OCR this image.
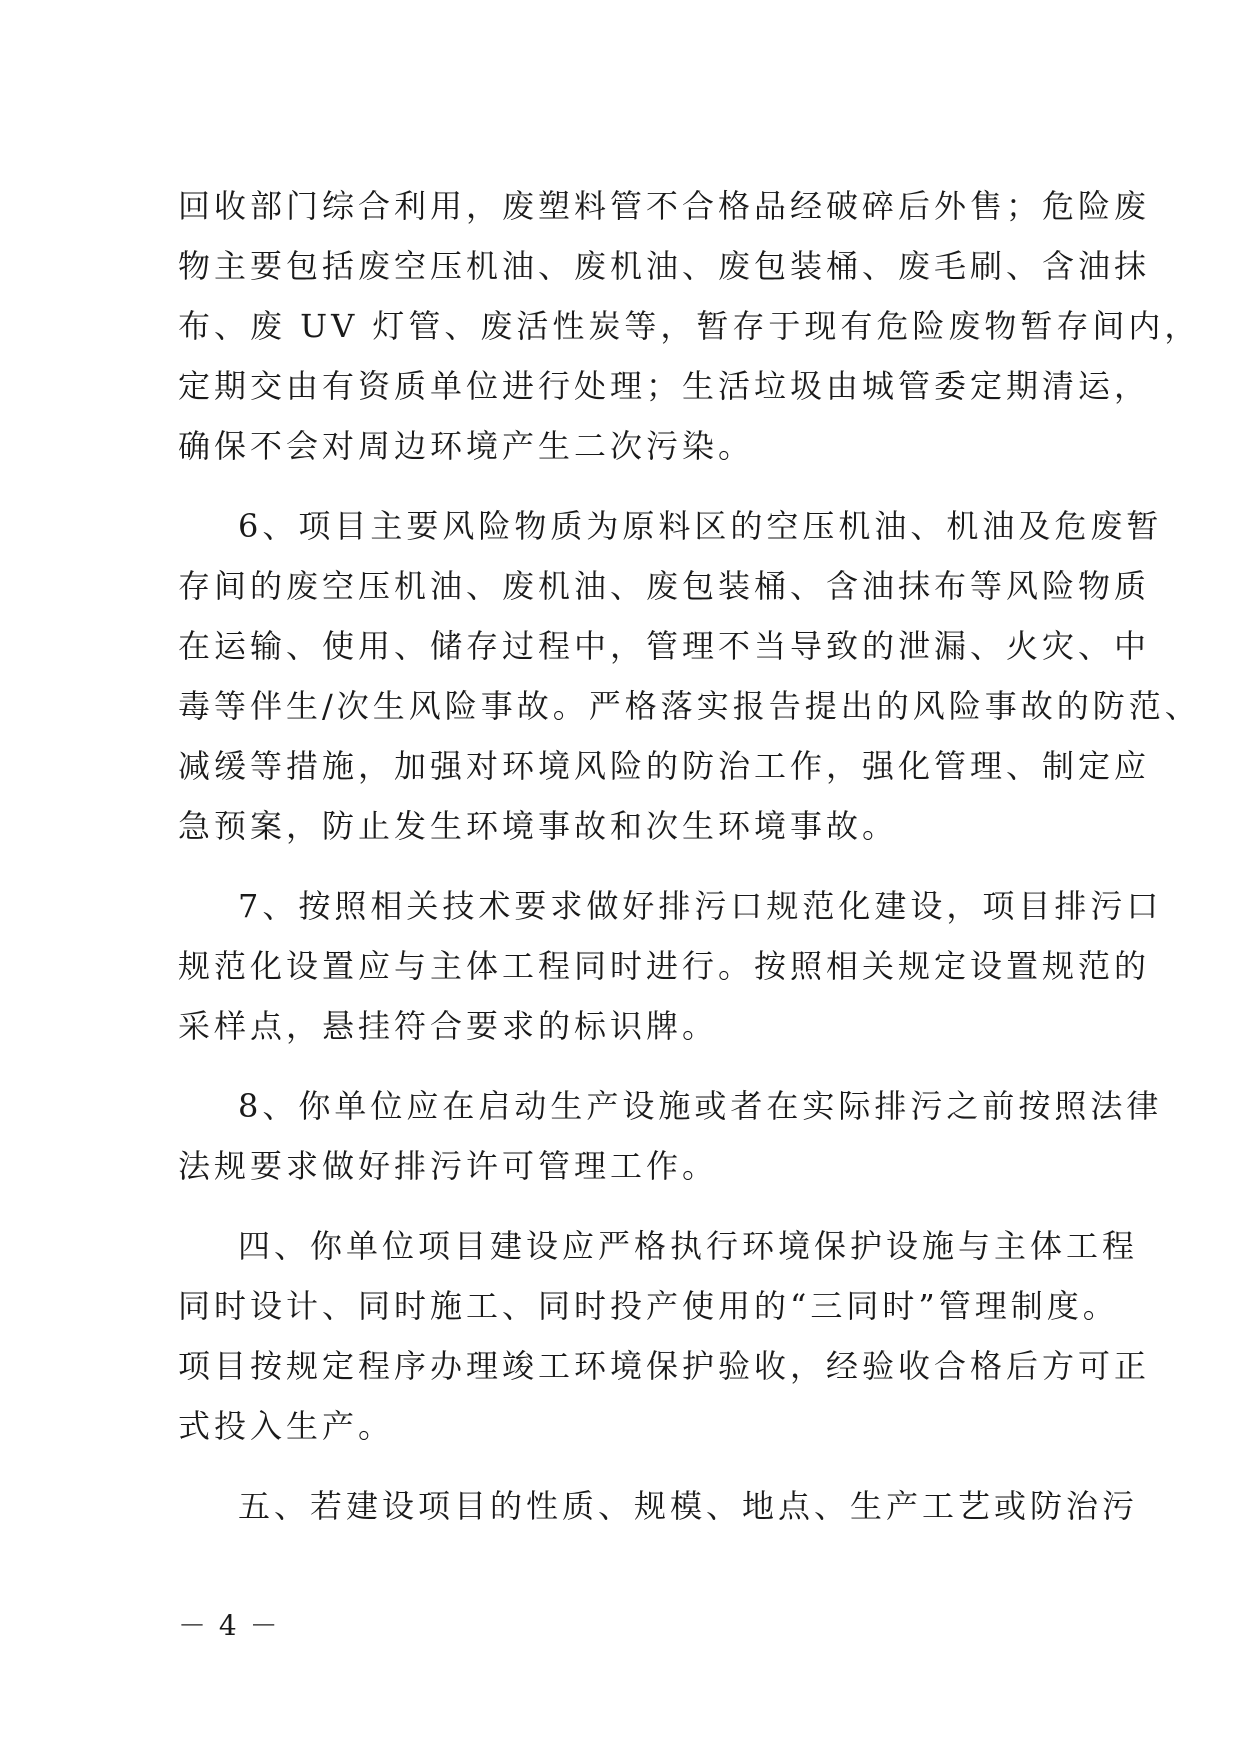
回收部门综合利用，废塑料管不合格品经破碎后外售；危险废
物主要包括废空压机油、废机油、废包装桶、废毛刷、含油抹
布、废 UV 灯管、废活性炭等，暂存于现有危险废物暂存间内，
定期交由有资质单位进行处理；生活垃圾由城管委定期清运，
确保不会对周边环境产生二次污染。

6、项目主要风险物质为原料区的空压机油、机油及危废暂
存间的废空压机油、废机油、废包装桶、含油抹布等风险物质
在运输、使用、储存过程中，管理不当导致的泄漏、火灾、中
毒等伴生/次生风险事故。严格落实报告提出的风险事故的防范、
减缓等措施，加强对环境风险的防治工作，强化管理、制定应
急预案，防止发生环境事故和次生环境事故。

7、按照相关技术要求做好排污口规范化建设，项目排污口
规范化设置应与主体工程同时进行。按照相关规定设置规范的
采样点，悬挂符合要求的标识牌。

8、你单位应在启动生产设施或者在实际排污之前按照法律
法规要求做好排污许可管理工作。

四、你单位项目建设应严格执行环境保护设施与主体工程
同时设计、同时施工、同时投产使用的“三同时”管理制度。
项目按规定程序办理竣工环境保护验收，经验收合格后方可正
式投入生产。

五、若建设项目的性质、规模、地点、生产工艺或防治污

－ 4 －
